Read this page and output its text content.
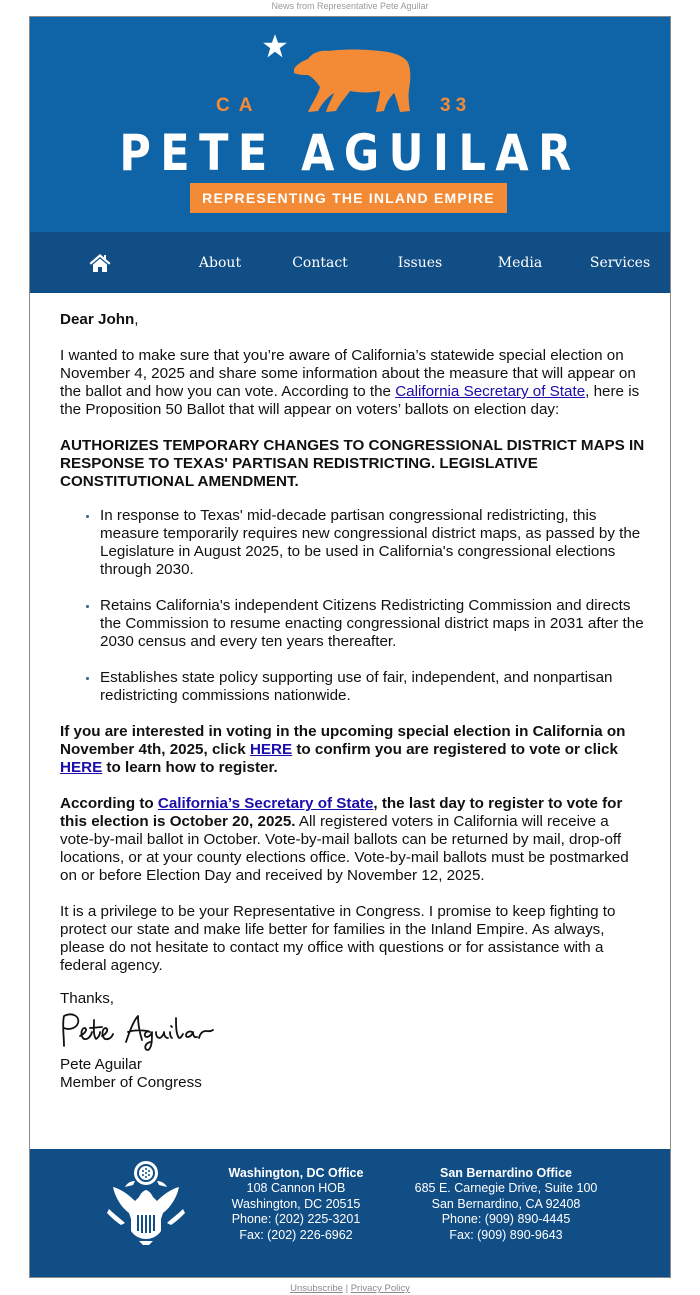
News from Representative Pete Aguilar
CA	33
PETE AGUILAR
REPRESENTING THE INLAND EMPIRE
About	Contact	Issues	Media	Services

Dear John,

I wanted to make sure that you’re aware of California’s statewide special election on November 4, 2025 and share some information about the measure that will appear on the ballot and how you can vote. According to the California Secretary of State, here is the Proposition 50 Ballot that will appear on voters’ ballots on election day:

AUTHORIZES TEMPORARY CHANGES TO CONGRESSIONAL DISTRICT MAPS IN RESPONSE TO TEXAS' PARTISAN REDISTRICTING. LEGISLATIVE CONSTITUTIONAL AMENDMENT.

In response to Texas' mid-decade partisan congressional redistricting, this measure temporarily requires new congressional district maps, as passed by the Legislature in August 2025, to be used in California's congressional elections through 2030.
Retains California's independent Citizens Redistricting Commission and directs the Commission to resume enacting congressional district maps in 2031 after the 2030 census and every ten years thereafter.
Establishes state policy supporting use of fair, independent, and nonpartisan redistricting commissions nationwide.

If you are interested in voting in the upcoming special election in California on November 4th, 2025, click HERE to confirm you are registered to vote or click HERE to learn how to register.

According to California’s Secretary of State, the last day to register to vote for this election is October 20, 2025. All registered voters in California will receive a vote-by-mail ballot in October. Vote-by-mail ballots can be returned by mail, drop-off locations, or at your county elections office. Vote-by-mail ballots must be postmarked on or before Election Day and received by November 12, 2025.

It is a privilege to be your Representative in Congress. I promise to keep fighting to protect our state and make life better for families in the Inland Empire. As always, please do not hesitate to contact my office with questions or for assistance with a federal agency.

Thanks,
Pete Aguilar
Member of Congress
Washington, DC Office
108 Cannon HOB
Washington, DC 20515
Phone: (202) 225-3201
Fax: (202) 226-6962
San Bernardino Office
685 E. Carnegie Drive, Suite 100
San Bernardino, CA 92408
Phone: (909) 890-4445
Fax: (909) 890-9643
Unsubscribe | Privacy Policy
